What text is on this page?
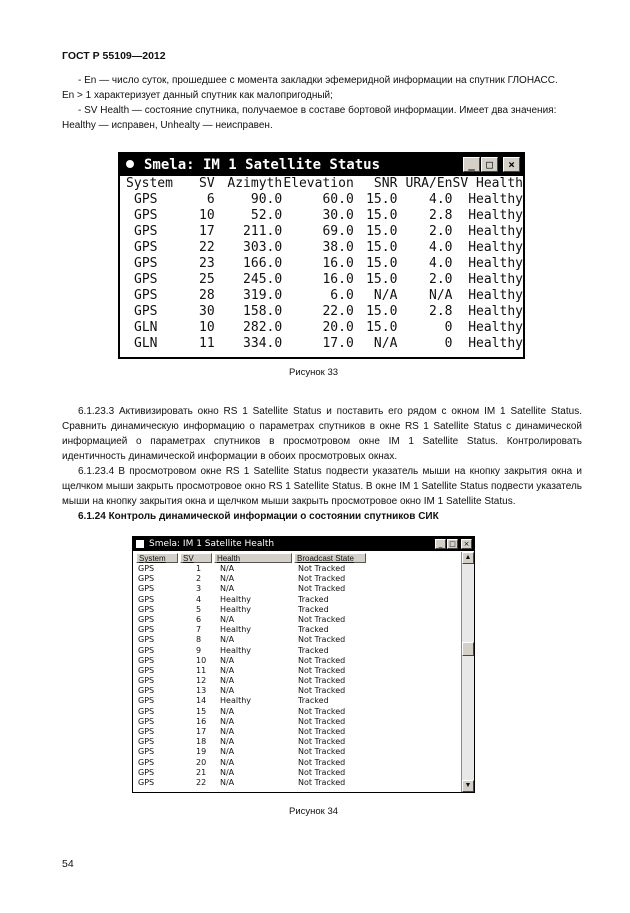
ГОСТ Р 55109—2012

- En — число суток, прошедшее с момента закладки эфемеридной информации на спутник ГЛОНАСС.

En > 1 характеризует данный спутник как малопригодный;

- SV Health — состояние спутника, получаемое в составе бортовой информации. Имеет два значения:

Healthy — исправен, Unhealty — неисправен.

Smela: IM 1 Satellite Status	_	□	×
System	SV	Azimyth	Elevation	SNR	URA/En	SV Health
GPS	6	90.0	60.0	15.0	4.0	Healthy
GPS	10	52.0	30.0	15.0	2.8	Healthy
GPS	17	211.0	69.0	15.0	2.0	Healthy
GPS	22	303.0	38.0	15.0	4.0	Healthy
GPS	23	166.0	16.0	15.0	4.0	Healthy
GPS	25	245.0	16.0	15.0	2.0	Healthy
GPS	28	319.0	6.0	N/A	N/A	Healthy
GPS	30	158.0	22.0	15.0	2.8	Healthy
GLN	10	282.0	20.0	15.0	0	Healthy
GLN	11	334.0	17.0	N/A	0	Healthy
Рисунок 33

6.1.23.3 Активизировать окно RS 1 Satellite Status и поставить его рядом с окном IM 1 Satellite Status. Сравнить динамическую информацию о параметрах спутников в окне RS 1 Satellite Status с динамической информацией о параметрах спутников в просмотровом окне IM 1 Satellite Status. Контролировать идентичность динамической информации в обоих просмотровых окнах.

6.1.23.4 В просмотровом окне RS 1 Satellite Status подвести указатель мыши на кнопку закрытия окна и щелчком мыши закрыть просмотровое окно RS 1 Satellite Status. В окне IM 1 Satellite Status подвести указатель мыши на кнопку закрытия окна и щелчком мыши закрыть просмотровое окно IM 1 Satellite Status.

6.1.24 Контроль динамической информации о состоянии спутников СИК

Smela: IM 1 Satellite Health	_ □	×
System	SV	Health	Broadcast State
GPS	1 N/A	Not Tracked
GPS	2 N/A	Not Tracked
GPS	3 N/A	Not Tracked
GPS	4 Healthy	Tracked
GPS	5 Healthy	Tracked
GPS	6 N/A	Not Tracked
GPS	7 Healthy	Tracked
GPS	8 N/A	Not Tracked
GPS	9 Healthy	Tracked
GPS	10 N/A	Not Tracked
GPS	11 N/A	Not Tracked
GPS	12 N/A	Not Tracked
GPS	13 N/A	Not Tracked
GPS	14 Healthy	Tracked
GPS	15 N/A	Not Tracked
GPS	16 N/A	Not Tracked
GPS	17 N/A	Not Tracked
GPS	18 N/A	Not Tracked
GPS	19 N/A	Not Tracked
GPS	20 N/A	Not Tracked
GPS	21 N/A	Not Tracked
GPS	22 N/A	Not Tracked
▲
▼
Рисунок 34
54
